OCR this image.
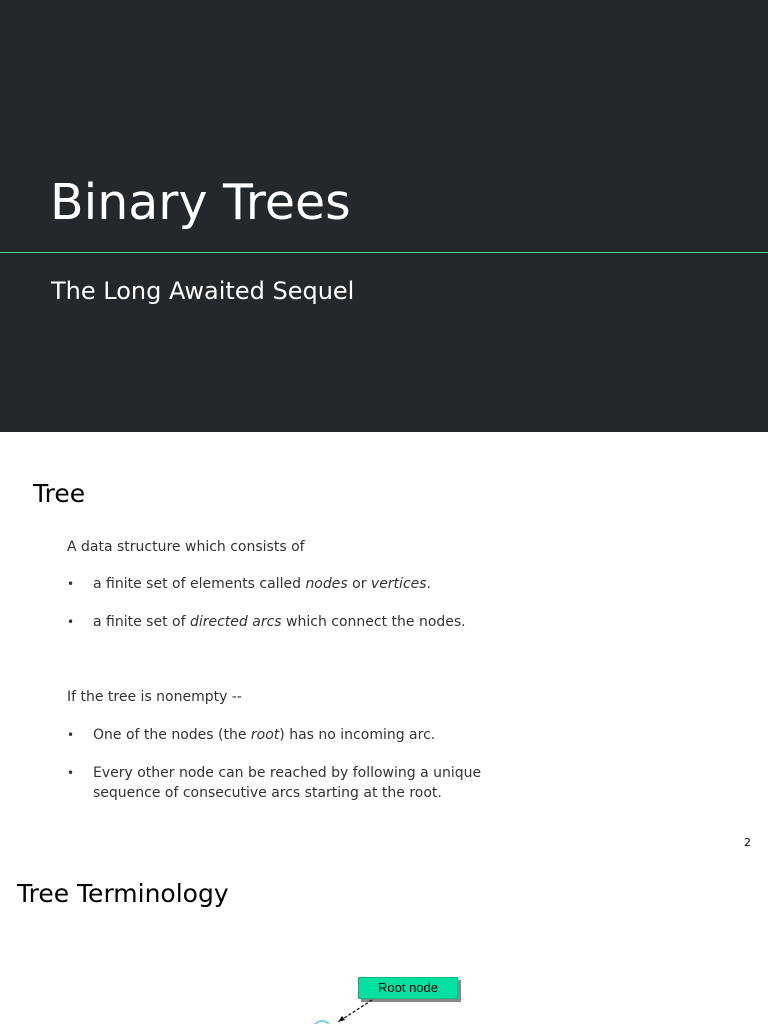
Binary Trees
The Long Awaited Sequel
Tree
A data structure which consists of
• a finite set of elements called nodes or vertices.
• a finite set of directed arcs which connect the nodes.
If the tree is nonempty --
• One of the nodes (the root) has no incoming arc.
• Every other node can be reached by following a unique
sequence of consecutive arcs starting at the root.
2
Tree Terminology
Root node
